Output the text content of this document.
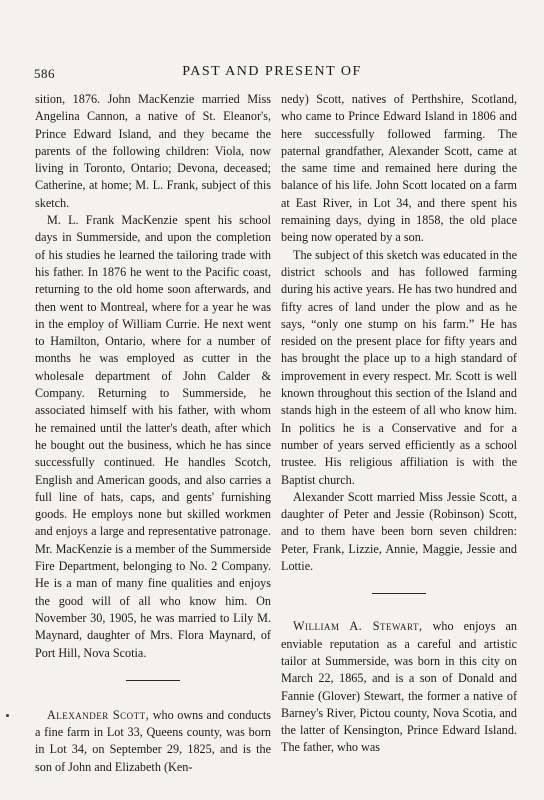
586	PAST AND PRESENT OF

sition, 1876. John MacKenzie married Miss Angelina Cannon, a native of St. Eleanor's, Prince Edward Island, and they became the parents of the following children: Viola, now living in Toronto, Ontario; Devona, deceased; Catherine, at home; M. L. Frank, subject of this sketch.

M. L. Frank MacKenzie spent his school days in Summerside, and upon the completion of his studies he learned the tailoring trade with his father. In 1876 he went to the Pacific coast, returning to the old home soon afterwards, and then went to Montreal, where for a year he was in the employ of William Currie. He next went to Hamilton, Ontario, where for a number of months he was employed as cutter in the wholesale department of John Calder & Company. Returning to Summerside, he associated himself with his father, with whom he remained until the latter's death, after which he bought out the business, which he has since successfully continued. He handles Scotch, English and American goods, and also carries a full line of hats, caps, and gents' furnishing goods. He employs none but skilled workmen and enjoys a large and representative patronage. Mr. MacKenzie is a member of the Summerside Fire Department, belonging to No. 2 Company. He is a man of many fine qualities and enjoys the good will of all who know him. On November 30, 1905, he was married to Lily M. Maynard, daughter of Mrs. Flora Maynard, of Port Hill, Nova Scotia.

Alexander Scott, who owns and conducts a fine farm in Lot 33, Queens county, was born in Lot 34, on September 29, 1825, and is the son of John and Elizabeth (Ken-

nedy) Scott, natives of Perthshire, Scotland, who came to Prince Edward Island in 1806 and here successfully followed farming. The paternal grandfather, Alexander Scott, came at the same time and remained here during the balance of his life. John Scott located on a farm at East River, in Lot 34, and there spent his remaining days, dying in 1858, the old place being now operated by a son.

The subject of this sketch was educated in the district schools and has followed farming during his active years. He has two hundred and fifty acres of land under the plow and as he says, “only one stump on his farm.” He has resided on the present place for fifty years and has brought the place up to a high standard of improvement in every respect. Mr. Scott is well known throughout this section of the Island and stands high in the esteem of all who know him. In politics he is a Conservative and for a number of years served efficiently as a school trustee. His religious affiliation is with the Baptist church.

Alexander Scott married Miss Jessie Scott, a daughter of Peter and Jessie (Robinson) Scott, and to them have been born seven children: Peter, Frank, Lizzie, Annie, Maggie, Jessie and Lottie.

William A. Stewart, who enjoys an enviable reputation as a careful and artistic tailor at Summerside, was born in this city on March 22, 1865, and is a son of Donald and Fannie (Glover) Stewart, the former a native of Barney's River, Pictou county, Nova Scotia, and the latter of Kensington, Prince Edward Island. The father, who was
